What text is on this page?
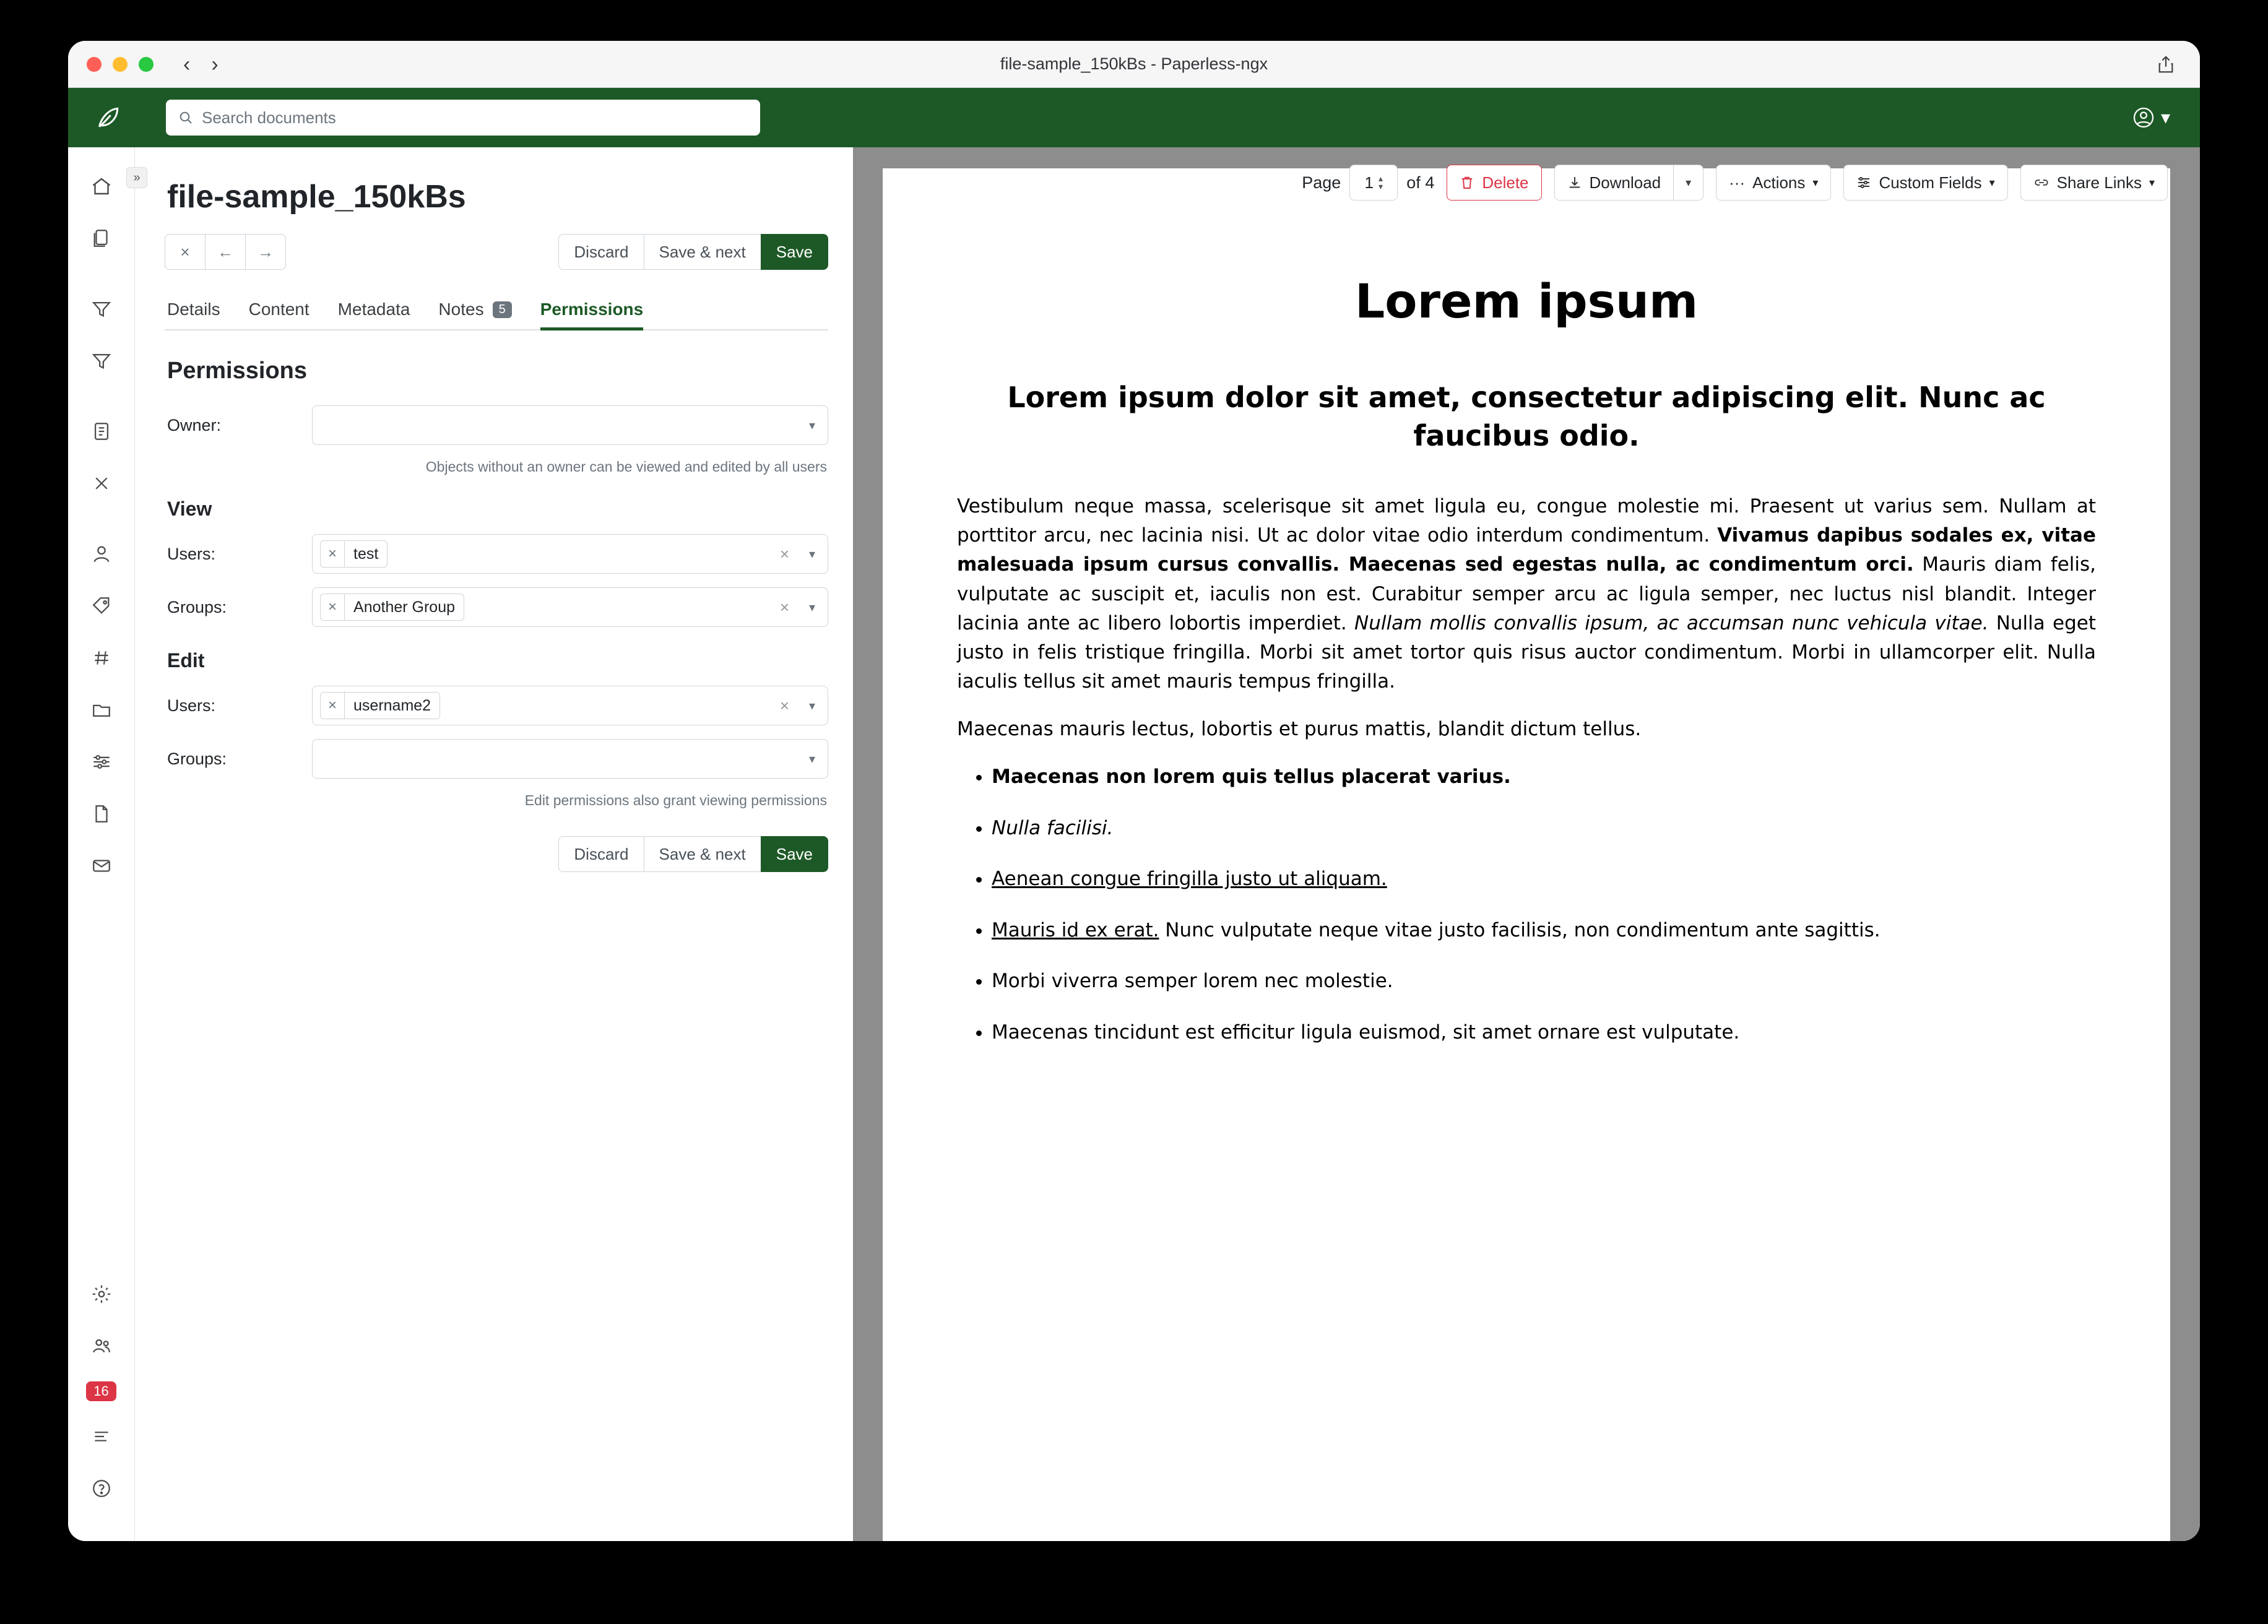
‹ ›	file-sample_150kBs - Paperless-ngx
Search documents	▾
16
»
file-sample_150kBs
×	←	→	Discard	Save & next	Save
Details Content Metadata Notes	5	Permissions
Permissions
Owner:	▾
Objects without an owner can be viewed and edited by all users
View
Users:	×	test	× ▾
Groups:	×	Another Group	× ▾
Edit
Users:	×	username2	× ▾
Groups:	▾
Edit permissions also grant viewing permissions
Discard	Save & next	Save
Lorem ipsum
Lorem ipsum dolor sit amet, consectetur adipiscing elit. Nunc ac faucibus odio.

Vestibulum neque massa, scelerisque sit amet ligula eu, congue molestie mi. Praesent ut varius sem. Nullam at porttitor arcu, nec lacinia nisi. Ut ac dolor vitae odio interdum condimentum. Vivamus dapibus sodales ex, vitae malesuada ipsum cursus convallis. Maecenas sed egestas nulla, ac condimentum orci. Mauris diam felis, vulputate ac suscipit et, iaculis non est. Curabitur semper arcu ac ligula semper, nec luctus nisl blandit. Integer lacinia ante ac libero lobortis imperdiet. Nullam mollis convallis ipsum, ac accumsan nunc vehicula vitae. Nulla eget justo in felis tristique fringilla. Morbi sit amet tortor quis risus auctor condimentum. Morbi in ullamcorper elit. Nulla iaculis tellus sit amet mauris tempus fringilla.

Maecenas mauris lectus, lobortis et purus mattis, blandit dictum tellus.

• Maecenas non lorem quis tellus placerat varius.
• Nulla facilisi.
• Aenean congue fringilla justo ut aliquam.
• Mauris id ex erat. Nunc vulputate neque vitae justo facilisis, non condimentum ante sagittis.
• Morbi viverra semper lorem nec molestie.
• Maecenas tincidunt est efficitur ligula euismod, sit amet ornare est vulputate.
Page 1 ▴
▾ of 4	Delete	Download	▾	··· Actions ▾	Custom Fields ▾	Share Links ▾
